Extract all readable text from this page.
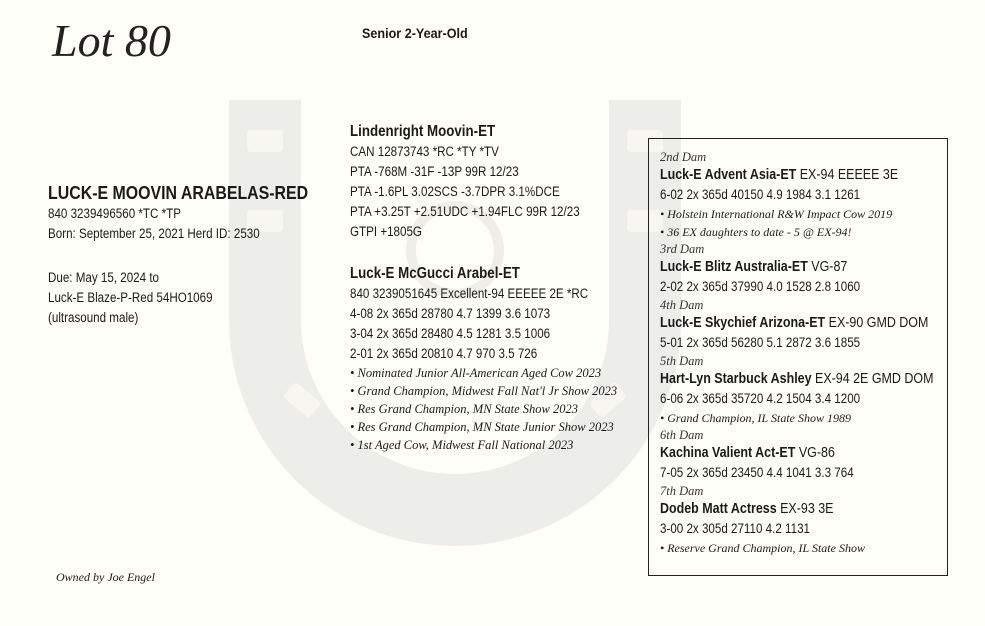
Lot 80	Senior 2-Year-Old
LUCK-E MOOVIN ARABELAS-RED
840 3239496560 *TC *TP
Born: September 25, 2021 Herd ID: 2530
Due: May 15, 2024 to
Luck-E Blaze-P-Red 54HO1069
(ultrasound male)
Owned by Joe Engel
Lindenright Moovin-ET
CAN 12873743 *RC *TY *TV
PTA -768M -31F -13P 99R 12/23
PTA -1.6PL 3.02SCS -3.7DPR 3.1%DCE
PTA +3.25T +2.51UDC +1.94FLC 99R 12/23
GTPI +1805G
Luck-E McGucci Arabel-ET
840 3239051645 Excellent-94 EEEEE 2E *RC
4-08 2x 365d 28780 4.7 1399 3.6 1073
3-04 2x 365d 28480 4.5 1281 3.5 1006
2-01 2x 365d 20810 4.7 970 3.5 726
• Nominated Junior All-American Aged Cow 2023
• Grand Champion, Midwest Fall Nat'l Jr Show 2023
• Res Grand Champion, MN State Show 2023
• Res Grand Champion, MN State Junior Show 2023
• 1st Aged Cow, Midwest Fall National 2023
2nd Dam
Luck-E Advent Asia-ET EX-94 EEEEE 3E
6-02 2x 365d 40150 4.9 1984 3.1 1261
• Holstein International R&W Impact Cow 2019
• 36 EX daughters to date - 5 @ EX-94!
3rd Dam
Luck-E Blitz Australia-ET VG-87
2-02 2x 365d 37990 4.0 1528 2.8 1060
4th Dam
Luck-E Skychief Arizona-ET EX-90 GMD DOM
5-01 2x 365d 56280 5.1 2872 3.6 1855
5th Dam
Hart-Lyn Starbuck Ashley EX-94 2E GMD DOM
6-06 2x 365d 35720 4.2 1504 3.4 1200
• Grand Champion, IL State Show 1989
6th Dam
Kachina Valient Act-ET VG-86
7-05 2x 365d 23450 4.4 1041 3.3 764
7th Dam
Dodeb Matt Actress EX-93 3E
3-00 2x 305d 27110 4.2 1131
• Reserve Grand Champion, IL State Show
